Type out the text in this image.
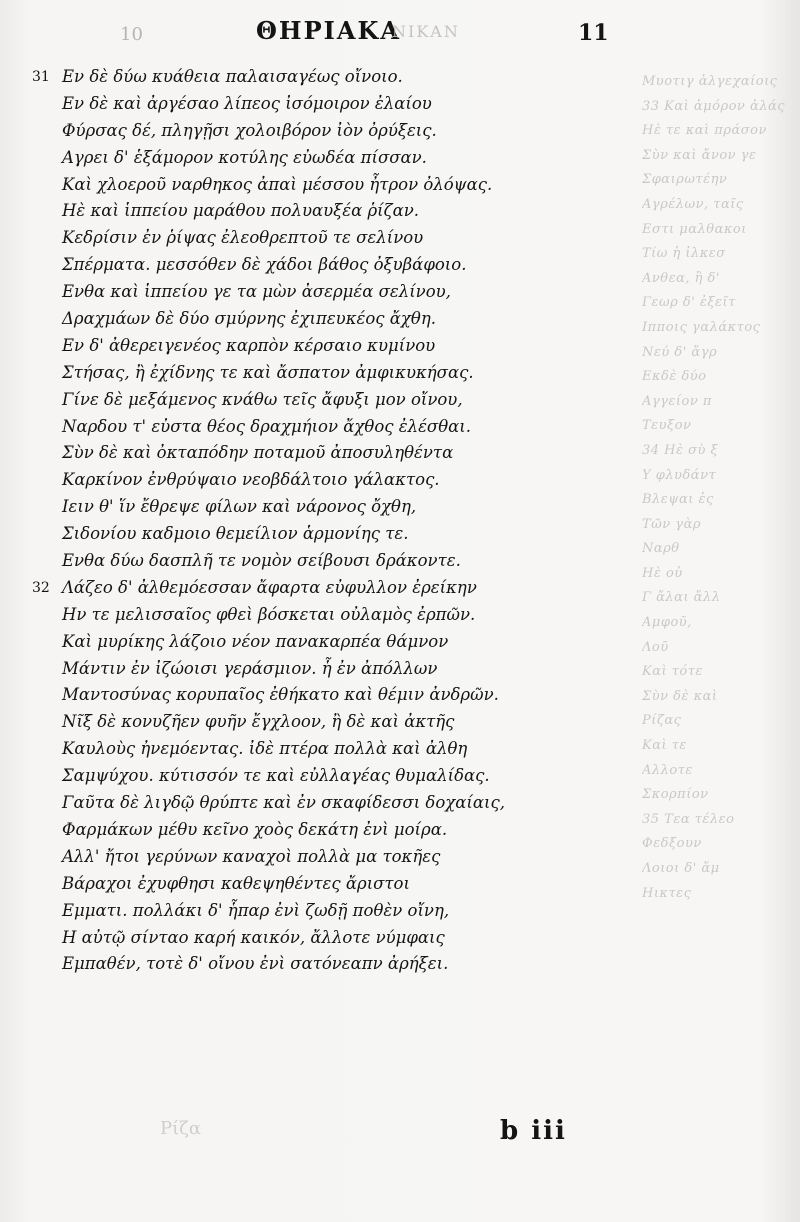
Μυοτιγ ἀλγεχαίοις
33 Καὶ ἀμόρον ἀλάς
Ηὲ τε καὶ πράσον
Σὺν καὶ ἄνον γε
Σφαιρωτέην
Αγρέλων, ταῖς
Εστι μαλθακοι
Τίω ἡ ἰλκεσ
Ανθεα, ἢ δ'
Γεωρ δ' ἐξεῖτ
Ιπποις γαλάκτος
Νεύ δ' ἄγρ
Εκδὲ δύο
Αγγείον π
Τευξον
34 Ηὲ σὺ ξ
Υ φλυδάντ
Βλεψαι ἐς
Τῶν γὰρ
Ναρθ
Ηὲ οὐ
Γ ἄλαι ἄλλ
Αμφοῦ,
Λοῦ
Καὶ τότε
Σὺν δὲ καὶ
Ρίζας
Καὶ τε
Αλλοτε
Σκορπίον
35 Τεα τέλεο
Φεδξουν
Λοιοι δ' ἄμ
Ηικτες
10	ΘΗΡΙΑΚΑ
ΝΙΚΑΝ	11
31 Εν δὲ δύω κυάθεια παλαισαγέως οἴνοιο.
Εν δὲ καὶ ἀργέσαο λίπεος ἰσόμοιρον ἐλαίου
Φύρσας δέ, πληγῇσι χολοιβόρον ἰὸν ὀρύξεις.
Αγρει δ' ἑξάμορον κοτύλης εὐωδέα πίσσαν.
Καὶ χλοεροῦ ναρθηκος ἀπαὶ μέσσου ἦτρον ὀλόψας.
Ηὲ καὶ ἱππείου μαράθου πολυαυξέα ῥίζαν.
Κεδρίσιν ἐν ῥίψας ἐλεοθρεπτοῦ τε σελίνου
Σπέρματα. μεσσόθεν δὲ χάδοι βάθος ὀξυβάφοιο.
Ενθα καὶ ἱππείου γε τα μὼν ἀσερμέα σελίνου,
Δραχμάων δὲ δύο σμύρνης ἐχιπευκέος ἄχθη.
Εν δ' ἀθερειγενέος καρπὸν κέρσαιο κυμίνου
Στήσας, ἢ ἐχίδνης τε καὶ ἄσπατον ἀμφικυκήσας.
Γίνε δὲ μεξάμενος κνάθω τεῖς ἄφυξι μον οἴνου,
Ναρδου τ' εὐστα θέος δραχμήιον ἄχθος ἐλέσθαι.
Σὺν δὲ καὶ ὀκταπόδην ποταμοῦ ἀποσυληθέντα
Καρκίνον ἐνθρύψαιο νεοβδάλτοιο γάλακτος.
Ιειν θ' ἵν ἔθρεψε φίλων καὶ νάρονος ὄχθη,
Σιδονίου καδμοιο θεμείλιον ἁρμονίης τε.
Ενθα δύω δασπλῆ τε νομὸν σείβουσι δράκοντε.
32 Λάζεο δ' ἀλθεμόεσσαν ἄφαρτα εὐφυλλον ἐρείκην
Ην τε μελισσαῖος φθεὶ βόσκεται οὐλαμὸς ἐρπῶν.
Καὶ μυρίκης λάζοιο νέον πανακαρπέα θάμνον
Μάντιν ἐν ἰζώοισι γεράσμιον. ἧ ἐν ἀπόλλων
Μαντοσύνας κορυπαῖος ἐθήκατο καὶ θέμιν ἀνδρῶν.
Νῖξ δὲ κονυζῆεν φυῆν ἔγχλοον, ἢ δὲ καὶ ἀκτῆς
Καυλοὺς ἠνεμόεντας. ἰδὲ πτέρα πολλὰ καὶ ἀλθη
Σαμψύχου. κύτισσόν τε καὶ εὐλλαγέας θυμαλίδας.
Γαῦτα δὲ λιγδῷ θρύπτε καὶ ἐν σκαφίδεσσι δοχαίαις,
Φαρμάκων μέθυ κεῖνο χοὸς δεκάτη ἐνὶ μοίρα.
Αλλ' ἤτοι γερύνων καναχοὶ πολλὰ μα τοκῆες
Βάραχοι ἐχυφθησι καθεψηθέντες ἄριστοι
Εμματι. πολλάκι δ' ἧπαρ ἐνὶ ζωδῇ ποθὲν οἴνη,
Η αὐτῷ σίνταο καρή καικόν, ἄλλοτε νύμφαις
Εμπαθέν, τοτὲ δ' οἴνου ἐνὶ σατόνεαπν ἀρήξει.
Ρίζα	b iii
